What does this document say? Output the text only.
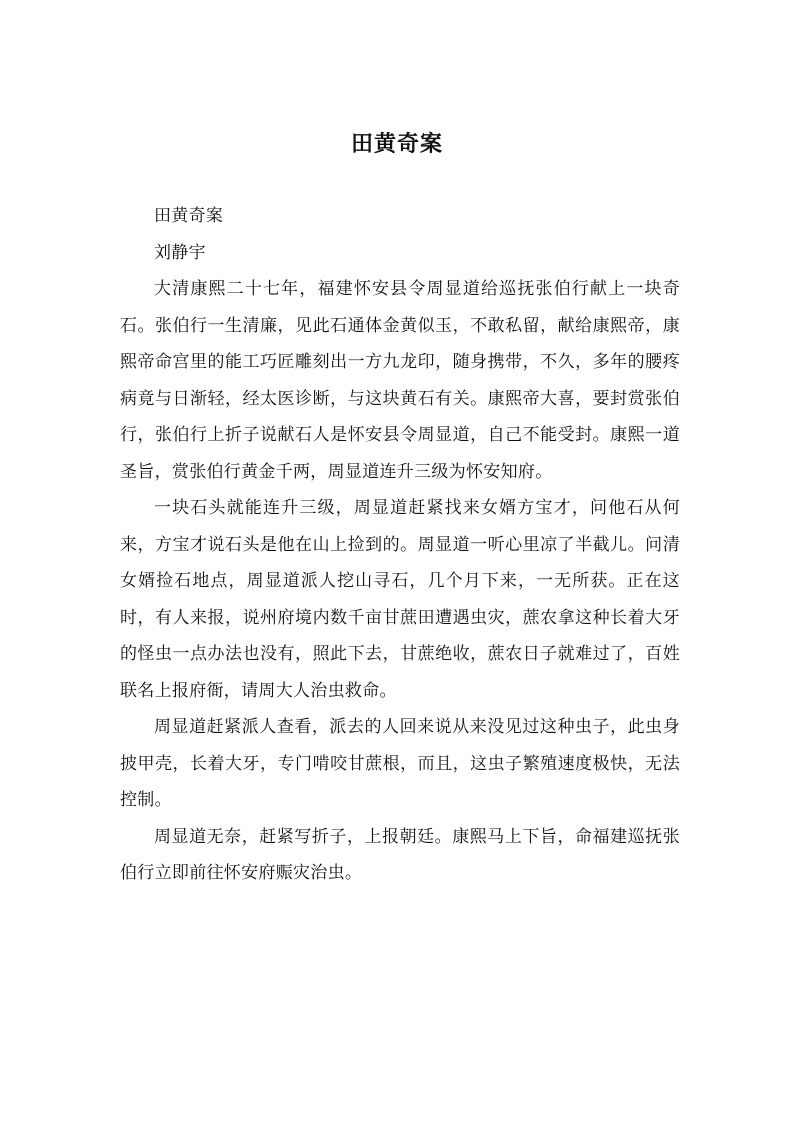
田黄奇案

田黄奇案

刘静宇

大清康熙二十七年，福建怀安县令周显道给巡抚张伯行献上一块奇石。张伯行一生清廉，见此石通体金黄似玉，不敢私留，献给康熙帝，康熙帝命宫里的能工巧匠雕刻出一方九龙印，随身携带，不久，多年的腰疼病竟与日渐轻，经太医诊断，与这块黄石有关。康熙帝大喜，要封赏张伯行，张伯行上折子说献石人是怀安县令周显道，自己不能受封。康熙一道圣旨，赏张伯行黄金千两，周显道连升三级为怀安知府。

一块石头就能连升三级，周显道赶紧找来女婿方宝才，问他石从何来，方宝才说石头是他在山上捡到的。周显道一听心里凉了半截儿。问清女婿捡石地点，周显道派人挖山寻石，几个月下来，一无所获。正在这时，有人来报，说州府境内数千亩甘蔗田遭遇虫灾，蔗农拿这种长着大牙的怪虫一点办法也没有，照此下去，甘蔗绝收，蔗农日子就难过了，百姓联名上报府衙，请周大人治虫救命。

周显道赶紧派人查看，派去的人回来说从来没见过这种虫子，此虫身披甲壳，长着大牙，专门啃咬甘蔗根，而且，这虫子繁殖速度极快，无法控制。

周显道无奈，赶紧写折子，上报朝廷。康熙马上下旨，命福建巡抚张伯行立即前往怀安府赈灾治虫。
